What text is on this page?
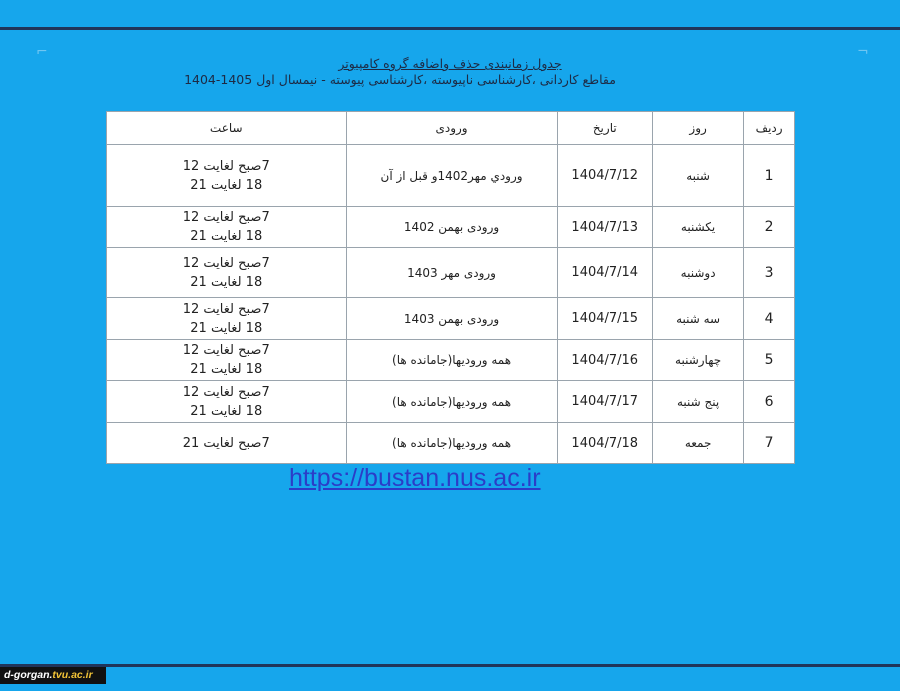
⌐	¬
جدول زمانبندی حذف واضافه گروه کامپیوتر
مقاطع کاردانی ،کارشناسی ناپیوسته ،کارشناسی پیوسته - نیمسال اول 1405-1404
ردیف	روز	تاریخ	ورودی	ساعت
1	شنبه	1404/7/12	ورودي مهر1402و قبل از آن	7صبح لغایت 12
18 لغایت 21

2	یکشنبه	1404/7/13	ورودی بهمن 1402	7صبح لغایت 12
18 لغایت 21

3	دوشنبه	1404/7/14	ورودی مهر 1403	7صبح لغایت 12
18 لغایت 21

4	سه شنبه	1404/7/15	ورودی بهمن 1403	7صبح لغایت 12
18 لغایت 21

5	چهارشنبه	1404/7/16	همه ورودیها(جامانده ها)	7صبح لغایت 12
18 لغایت 21

6	پنج شنبه	1404/7/17	همه ورودیها(جامانده ها)	7صبح لغایت 12
18 لغایت 21

7	جمعه	1404/7/18	همه ورودیها(جامانده ها)	7صبح لغایت 21
https://bustan.nus.ac.ir
d-gorgan.tvu.ac.ir
